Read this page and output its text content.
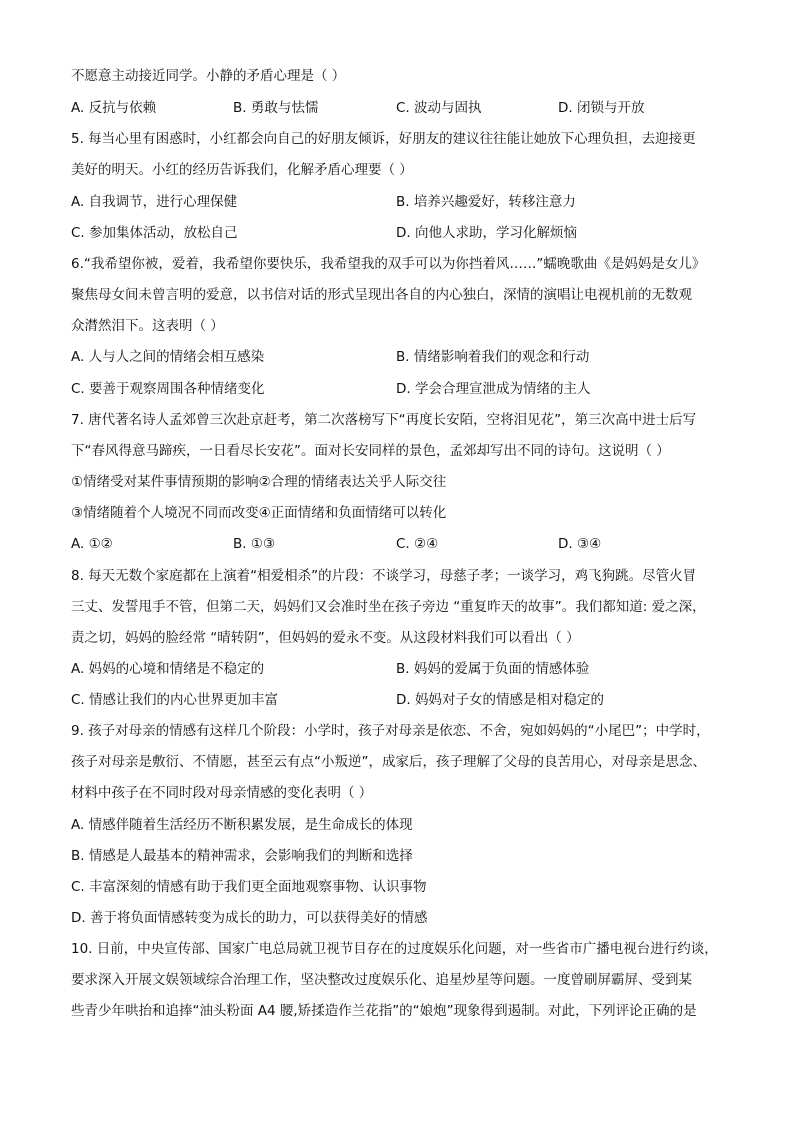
不愿意主动接近同学。小静的矛盾心理是（ ）
A. 反抗与依赖	B. 勇敢与怯懦	C. 波动与固执	D. 闭锁与开放
5. 每当心里有困惑时，小红都会向自己的好朋友倾诉，好朋友的建议往往能让她放下心理负担，去迎接更
美好的明天。小红的经历告诉我们，化解矛盾心理要（ ）
A. 自我调节，进行心理保健	B. 培养兴趣爱好，转移注意力
C. 参加集体活动，放松自己	D. 向他人求助，学习化解烦恼
6.“我希望你被，爱着，我希望你要快乐，我希望我的双手可以为你挡着风……”蠕晚歌曲《是妈妈是女儿》
聚焦母女间未曾言明的爱意，以书信对话的形式呈现出各自的内心独白，深情的演唱让电视机前的无数观
众潸然泪下。这表明（ ）
A. 人与人之间的情绪会相互感染	B. 情绪影响着我们的观念和行动
C. 要善于观察周围各种情绪变化	D. 学会合理宣泄成为情绪的主人
7. 唐代著名诗人孟郊曾三次赴京赶考，第二次落榜写下“再度长安陌，空将泪见花”，第三次高中进士后写
下“春风得意马蹄疾，一日看尽长安花”。面对长安同样的景色，孟郊却写出不同的诗句。这说明（ ）
①情绪受对某件事情预期的影响②合理的情绪表达关乎人际交往
③情绪随着个人境况不同而改变④正面情绪和负面情绪可以转化
A. ①②	B. ①③	C. ②④	D. ③④
8. 每天无数个家庭都在上演着“相爱相杀”的片段：不谈学习，母慈子孝；一谈学习，鸡飞狗跳。尽管火冒
三丈、发誓甩手不管，但第二天，妈妈们又会准时坐在孩子旁边 “重复昨天的故事”。我们都知道: 爱之深，
责之切，妈妈的脸经常 “晴转阴”，但妈妈的爱永不变。从这段材料我们可以看出（ ）
A. 妈妈的心境和情绪是不稳定的	B. 妈妈的爱属于负面的情感体验
C. 情感让我们的内心世界更加丰富	D. 妈妈对子女的情感是相对稳定的
9. 孩子对母亲的情感有这样几个阶段：小学时，孩子对母亲是依恋、不舍，宛如妈妈的“小尾巴”；中学时，
孩子对母亲是敷衍、不情愿，甚至云有点“小叛逆”，成家后，孩子理解了父母的良苦用心，对母亲是思念、
材料中孩子在不同时段对母亲情感的变化表明（ ）
A. 情感伴随着生活经历不断积累发展，是生命成长的体现
B. 情感是人最基本的精神需求，会影响我们的判断和选择
C. 丰富深刻的情感有助于我们更全面地观察事物、认识事物
D. 善于将负面情感转变为成长的助力，可以获得美好的情感
10. 日前，中央宣传部、国家广电总局就卫视节目存在的过度娱乐化问题，对一些省市广播电视台进行约谈，
要求深入开展文娱领域综合治理工作，坚决整改过度娱乐化、追星炒星等问题。一度曾刷屏霸屏、受到某
些青少年哄抬和追捧“油头粉面 A4 腰,矫揉造作兰花指”的“娘炮”现象得到遏制。对此，下列评论正确的是
